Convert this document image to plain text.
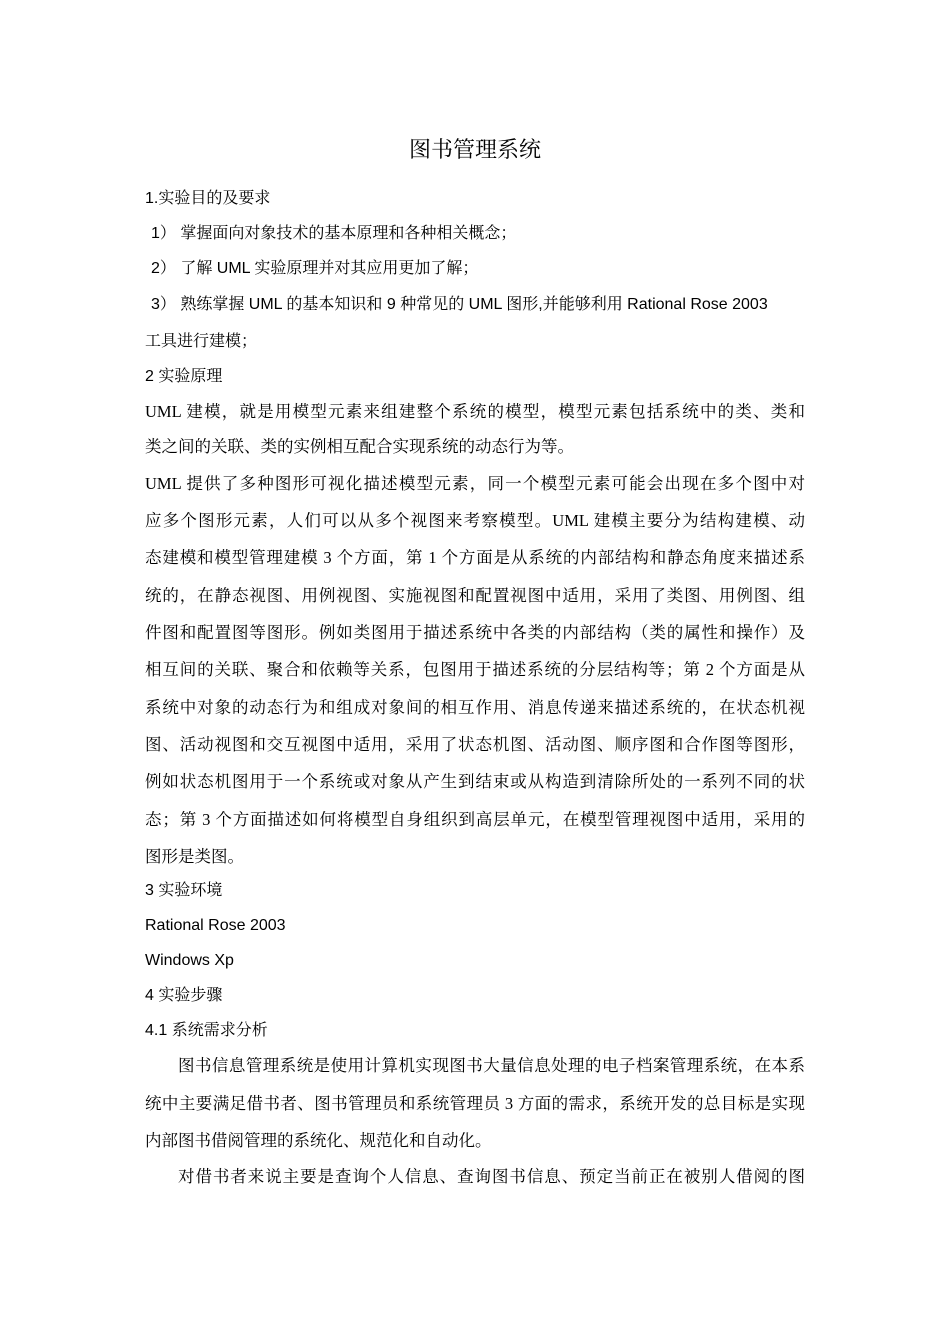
图书管理系统
1.实验目的及要求
1） 掌握面向对象技术的基本原理和各种相关概念；
2） 了解 UML 实验原理并对其应用更加了解；
3） 熟练掌握 UML 的基本知识和 9 种常见的 UML 图形,并能够利用 Rational Rose 2003
工具进行建模；
2 实验原理
UML 建模，就是用模型元素来组建整个系统的模型，模型元素包括系统中的类、类和
类之间的关联、类的实例相互配合实现系统的动态行为等。
UML 提供了多种图形可视化描述模型元素，同一个模型元素可能会出现在多个图中对
应多个图形元素，人们可以从多个视图来考察模型。UML 建模主要分为结构建模、动
态建模和模型管理建模 3 个方面，第 1 个方面是从系统的内部结构和静态角度来描述系
统的，在静态视图、用例视图、实施视图和配置视图中适用，采用了类图、用例图、组
件图和配置图等图形。例如类图用于描述系统中各类的内部结构（类的属性和操作）及
相互间的关联、聚合和依赖等关系，包图用于描述系统的分层结构等；第 2 个方面是从
系统中对象的动态行为和组成对象间的相互作用、消息传递来描述系统的，在状态机视
图、活动视图和交互视图中适用，采用了状态机图、活动图、顺序图和合作图等图形，
例如状态机图用于一个系统或对象从产生到结束或从构造到清除所处的一系列不同的状
态；第 3 个方面描述如何将模型自身组织到高层单元，在模型管理视图中适用，采用的
图形是类图。
3 实验环境
Rational Rose 2003
Windows Xp
4 实验步骤
4.1 系统需求分析
图书信息管理系统是使用计算机实现图书大量信息处理的电子档案管理系统，在本系
统中主要满足借书者、图书管理员和系统管理员 3 方面的需求，系统开发的总目标是实现
内部图书借阅管理的系统化、规范化和自动化。
对借书者来说主要是查询个人信息、查询图书信息、预定当前正在被别人借阅的图
